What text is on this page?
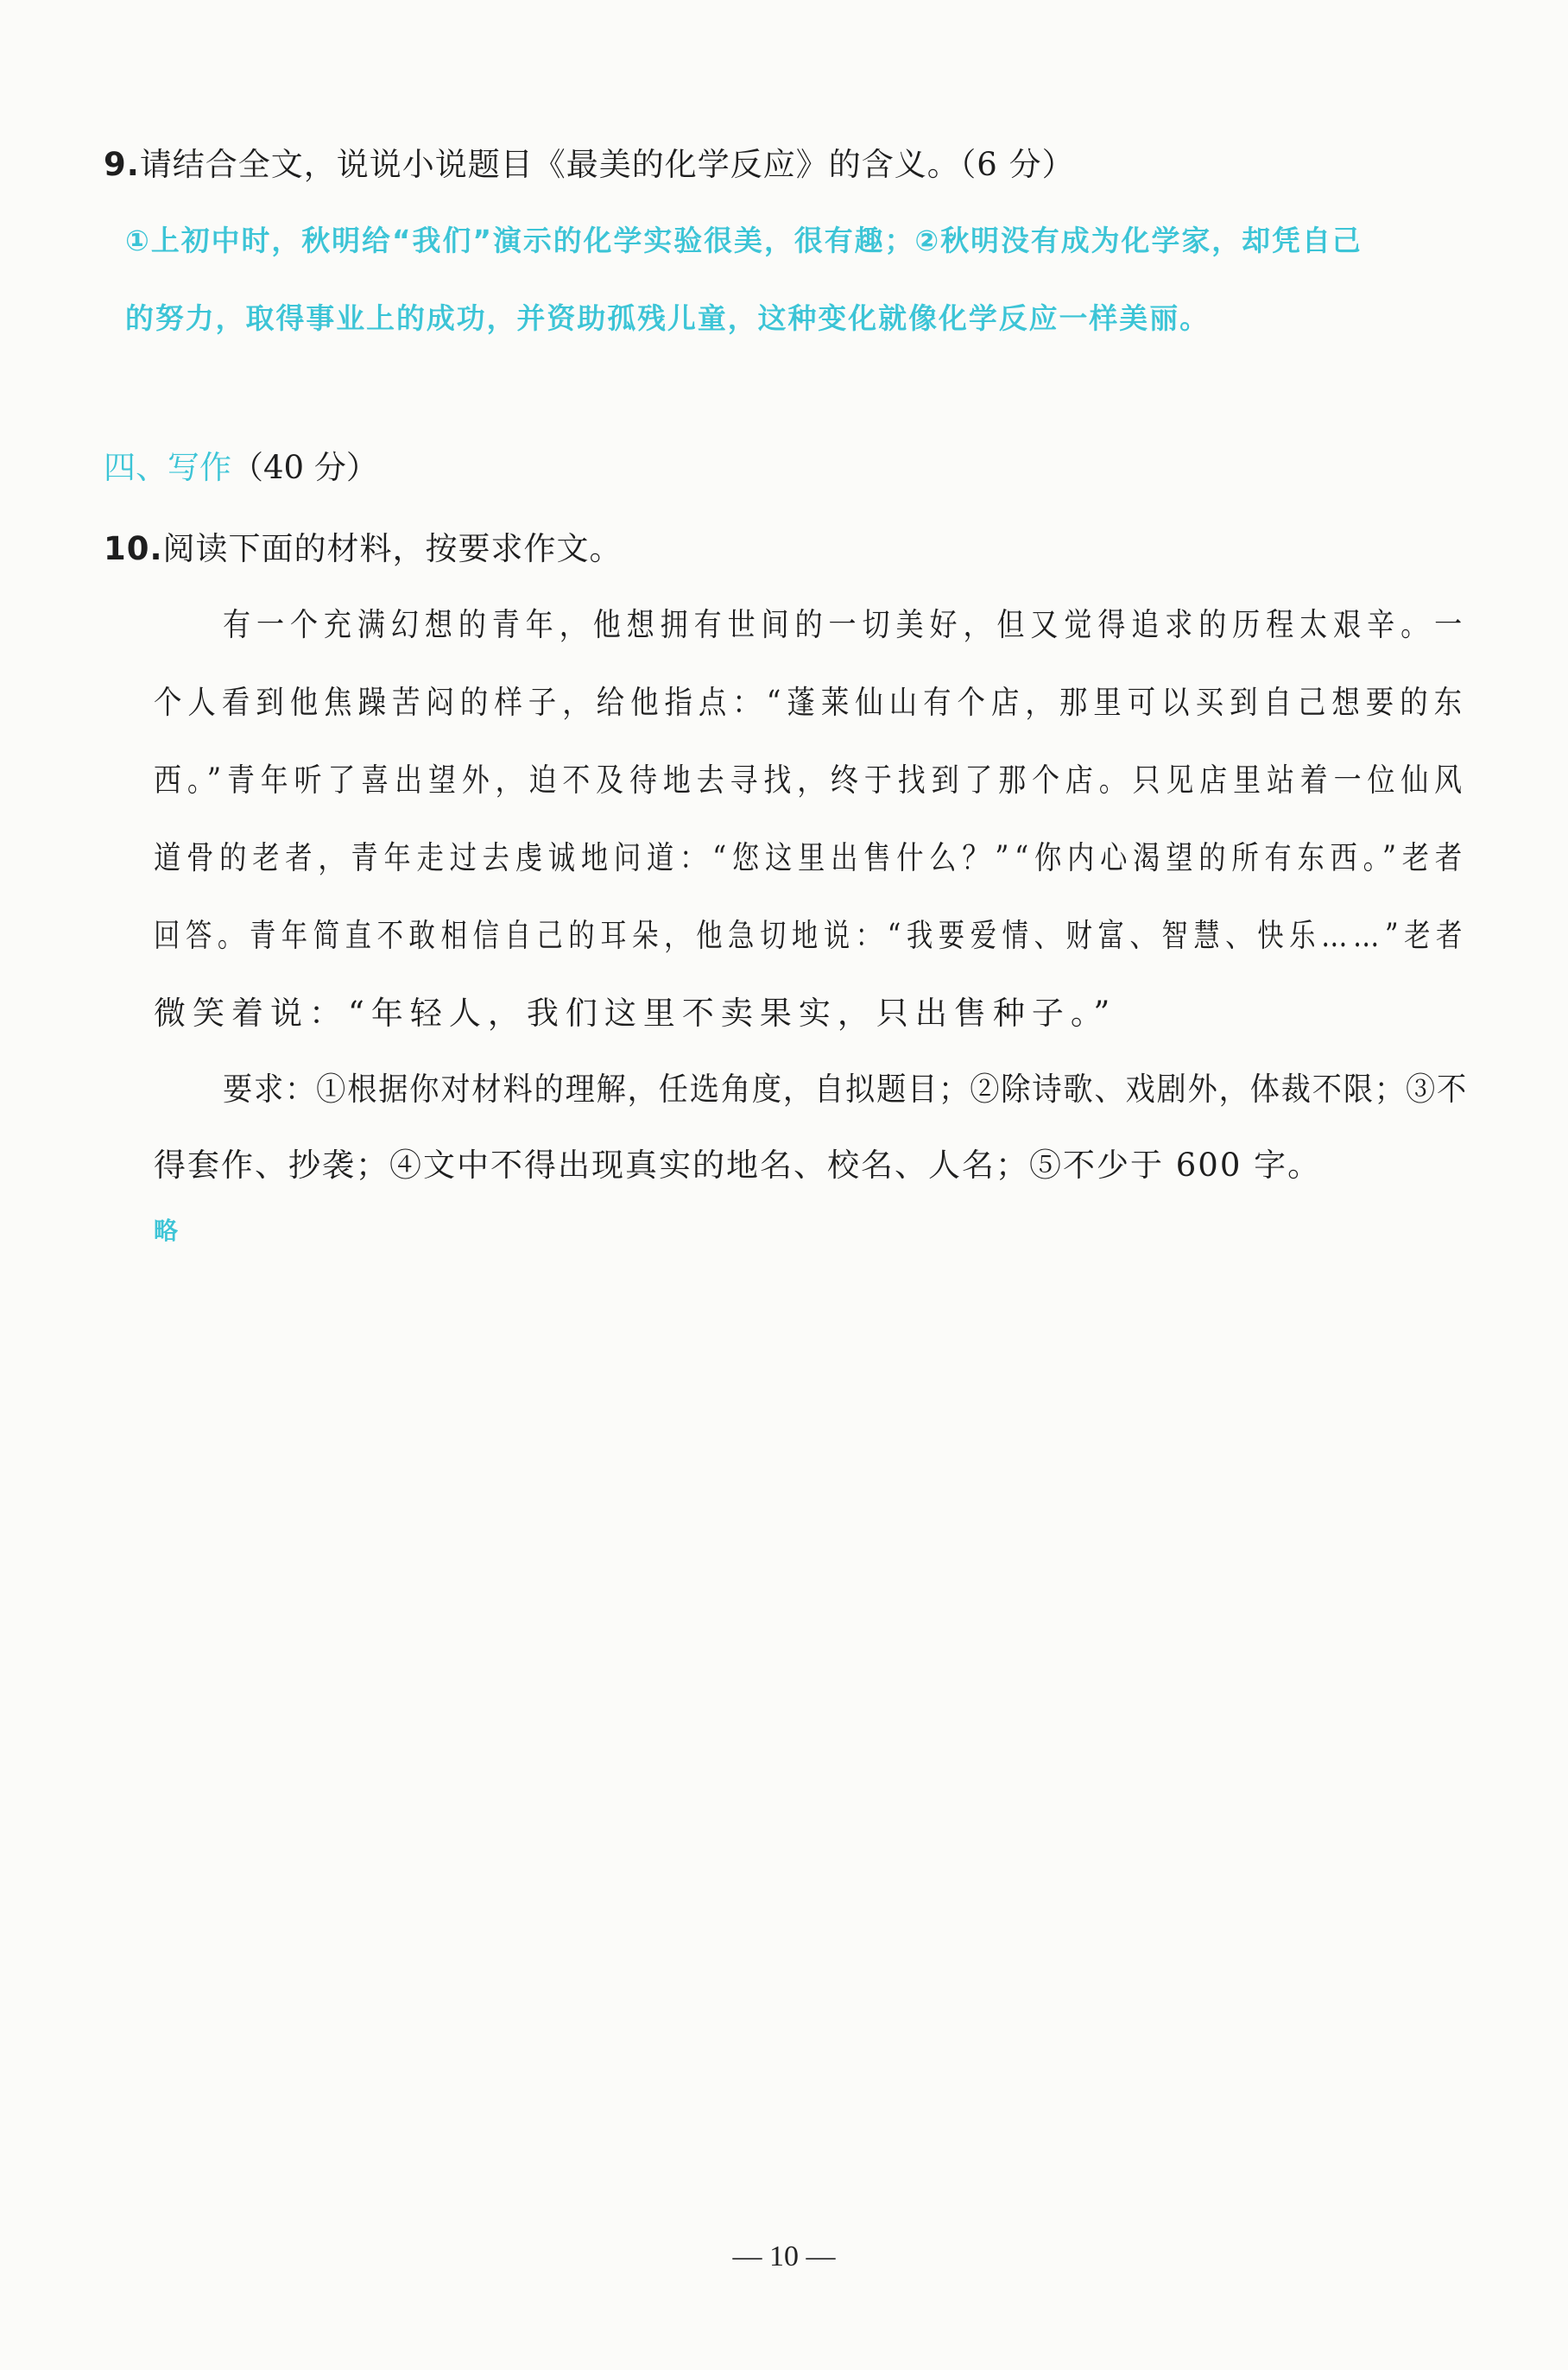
9.请结合全文，说说小说题目《最美的化学反应》的含义。（6 分）
①上初中时，秋明给“我们”演示的化学实验很美，很有趣；②秋明没有成为化学家，却凭自己
的努力，取得事业上的成功，并资助孤残儿童，这种变化就像化学反应一样美丽。
四、写作（40 分）
10.阅读下面的材料，按要求作文。
有一个充满幻想的青年，他想拥有世间的一切美好，但又觉得追求的历程太艰辛。一
个人看到他焦躁苦闷的样子，给他指点：“蓬莱仙山有个店，那里可以买到自己想要的东
西。”青年听了喜出望外，迫不及待地去寻找，终于找到了那个店。只见店里站着一位仙风
道骨的老者，青年走过去虔诚地问道：“您这里出售什么？”“你内心渴望的所有东西。”老者
回答。青年简直不敢相信自己的耳朵，他急切地说：“我要爱情、财富、智慧、快乐……”老者
微笑着说：“年轻人，我们这里不卖果实，只出售种子。”
要求：①根据你对材料的理解，任选角度，自拟题目；②除诗歌、戏剧外，体裁不限；③不
得套作、抄袭；④文中不得出现真实的地名、校名、人名；⑤不少于 600 字。
略
— 10 —
